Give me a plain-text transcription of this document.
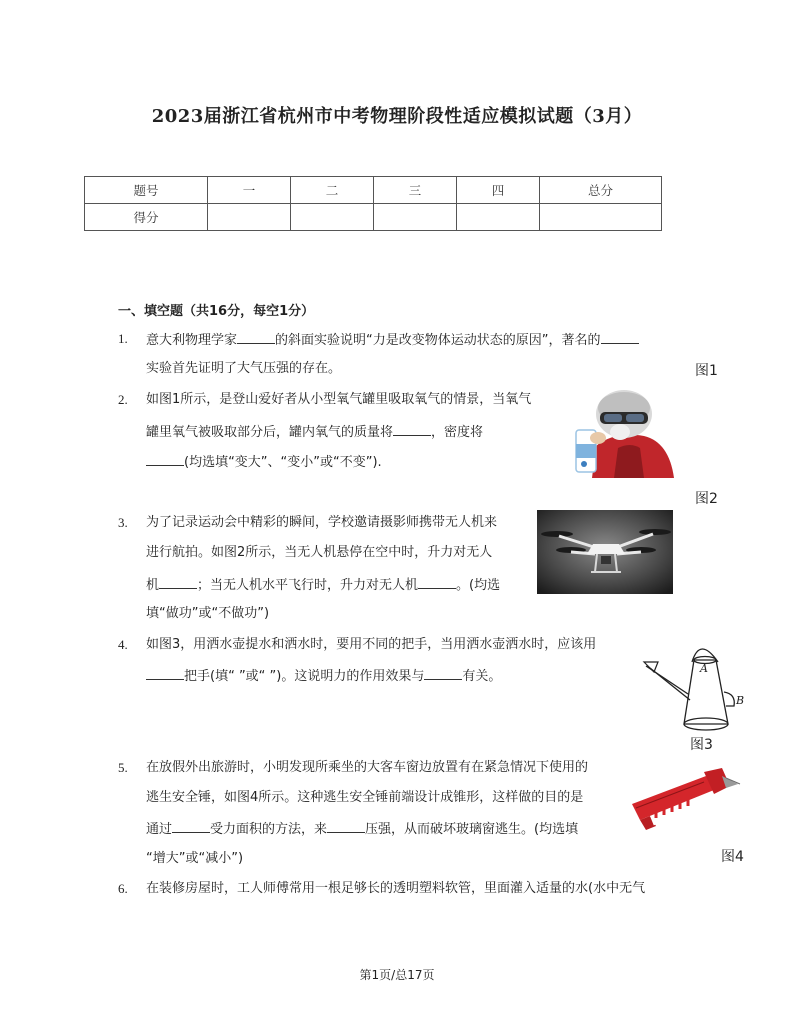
2023届浙江省杭州市中考物理阶段性适应模拟试题（3月）
题号	一	二	三	四	总分
得分					
一、填空题（共16分，每空1分）
1. 意大利物理学家	的斜面实验说明“力是改变物体运动状态的原因”，著名的
实验首先证明了大气压强的存在。	图1
2. 如图1所示，是登山爱好者从小型氧气罐里吸取氧气的情景，当氧气
罐里氧气被吸取部分后，罐内氧气的质量将	，密度将
(均选填“变大”、“变小”或“不变”).
图2
3. 为了记录运动会中精彩的瞬间，学校邀请摄影师携带无人机来
进行航拍。如图2所示，当无人机悬停在空中时，升力对无人
机	；当无人机水平飞行时，升力对无人机	。(均选
填“做功”或“不做功”)
4. 如图3，用洒水壶提水和洒水时，要用不同的把手，当用洒水壶洒水时，应该用
把手(填“ ”或“ ”)。这说明力的作用效果与	有关。
A
B
图3
5. 在放假外出旅游时，小明发现所乘坐的大客车窗边放置有在紧急情况下使用的
逃生安全锤，如图4所示。这种逃生安全锤前端设计成锥形，这样做的目的是
通过	受力面积的方法，来	压强，从而破坏玻璃窗逃生。(均选填
“增大”或“减小”)	图4
6. 在装修房屋时，工人师傅常用一根足够长的透明塑料软管，里面灌入适量的水(水中无气
第1页/总17页
